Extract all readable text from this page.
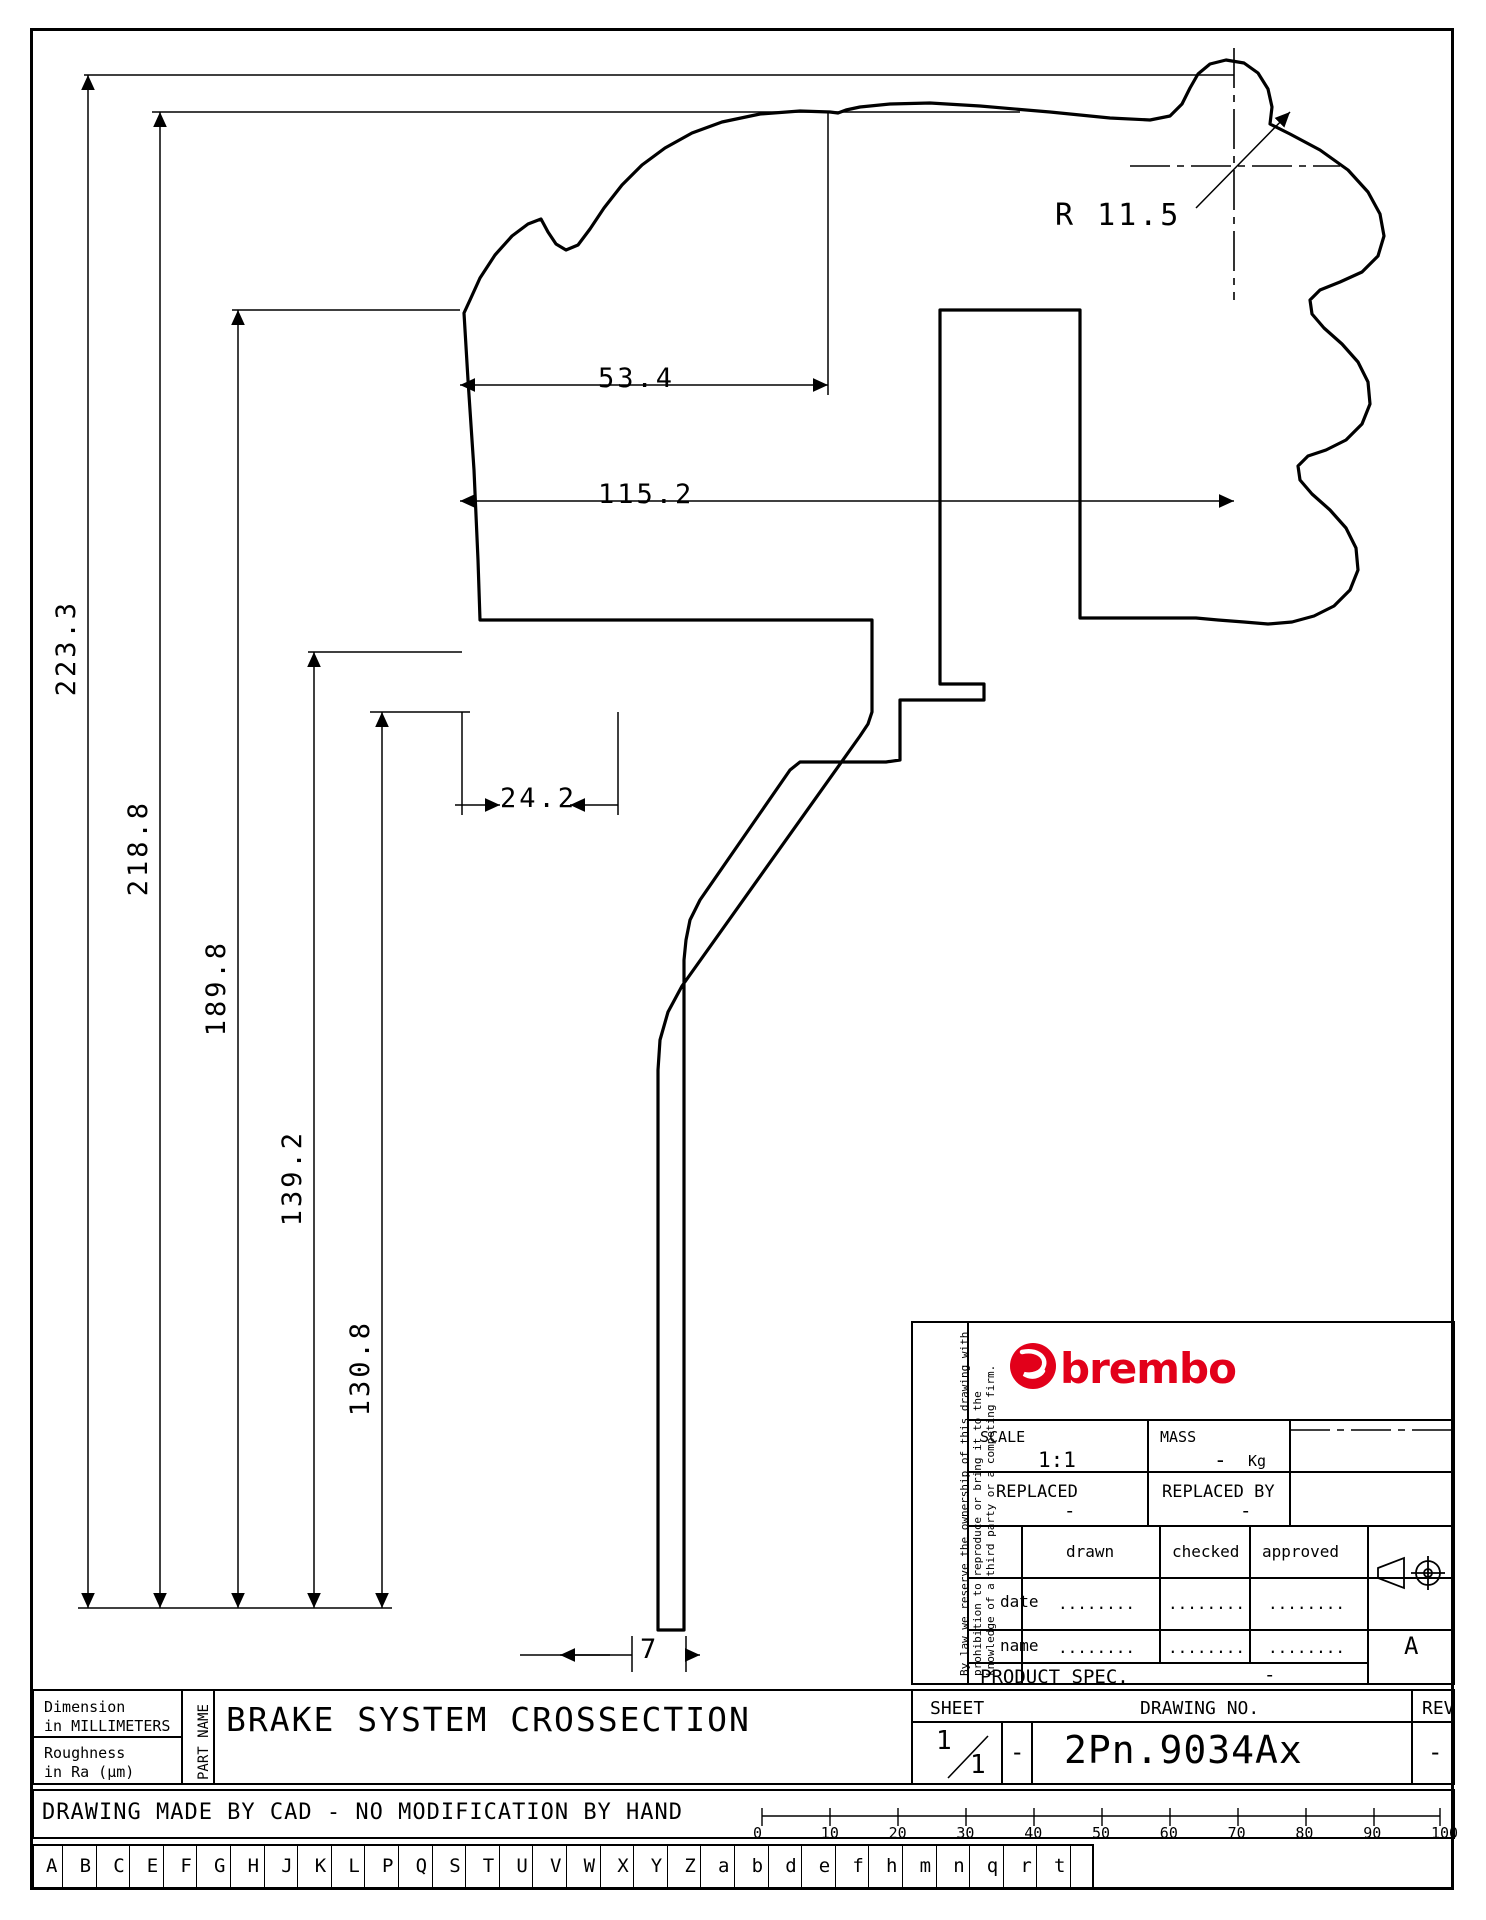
223.3
218.8
189.8
139.2
130.8
53.4
115.2
24.2
7
R 11.5
By law we reserve the ownership of this drawing with prohibition to reproduce or bring it to the knowledge of a third party or a competing firm. brembo
SCALE
1:1
MASS
- Kg
REPLACED
-
REPLACED BY
-
drawn	checked approved
date ........ ........ ........
name ........ ........ ........ A
PRODUCT SPEC.	-
Dimension
in MILLIMETERS
Roughness
in Ra (µm)	PART NAME BRAKE SYSTEM CROSSECTION
DRAWING MADE BY CAD - NO MODIFICATION BY HAND
SHEET	DRAWING NO.	REV
1
1 - 2Pn.9034Ax	-
0	10	20	30	40	50	60	70	80	90	100
A B C E F G H J K L P Q S T U V W X Y Z a b d e f h m n q r t
